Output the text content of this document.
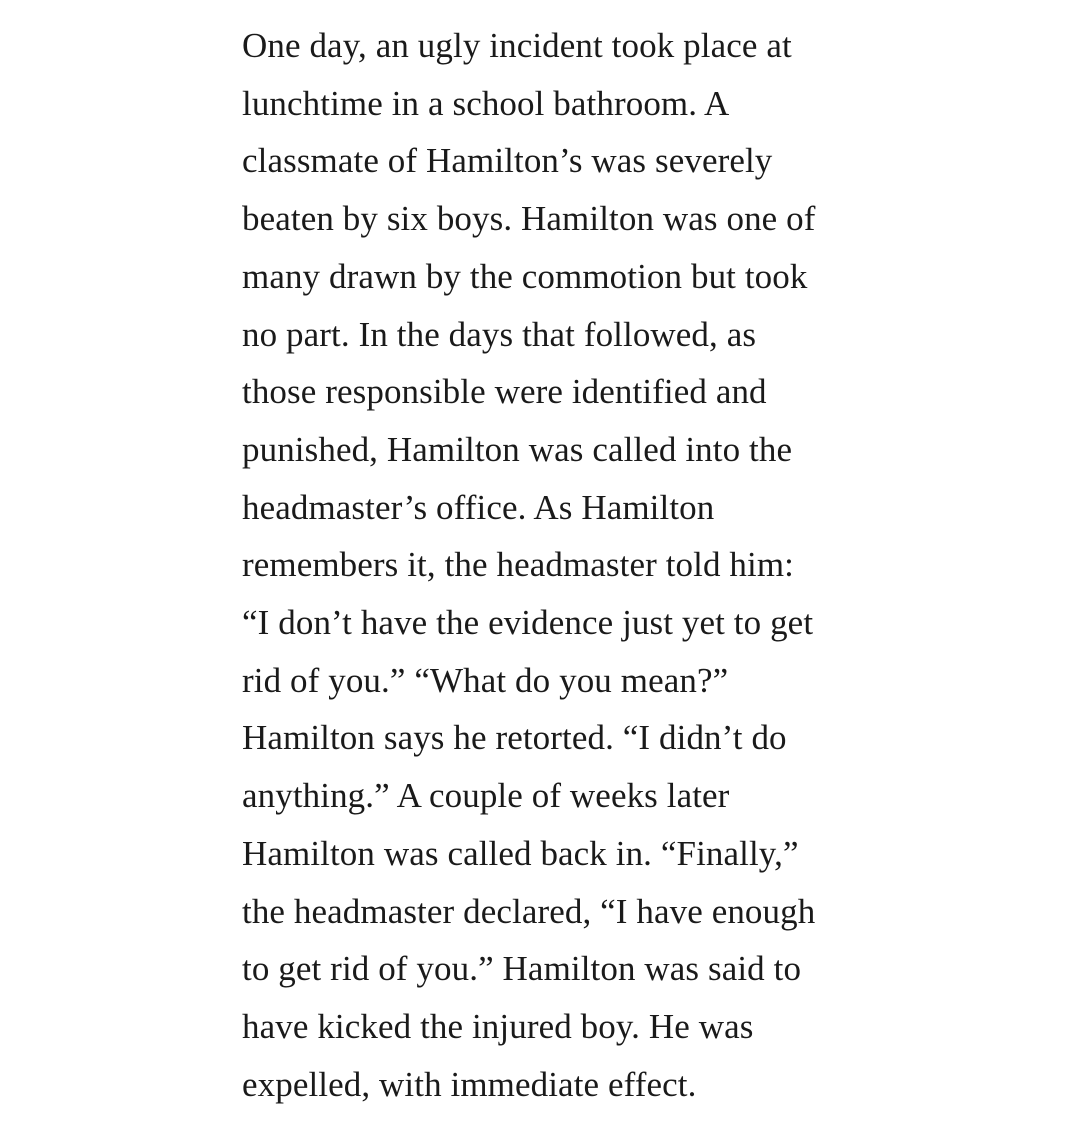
One day, an ugly incident took place at
lunchtime in a school bathroom. A
classmate of Hamilton’s was severely
beaten by six boys. Hamilton was one of
many drawn by the commotion but took
no part. In the days that followed, as
those responsible were identified and
punished, Hamilton was called into the
headmaster’s office. As Hamilton
remembers it, the headmaster told him:
“I don’t have the evidence just yet to get
rid of you.” “What do you mean?”
Hamilton says he retorted. “I didn’t do
anything.” A couple of weeks later
Hamilton was called back in. “Finally,”
the headmaster declared, “I have enough
to get rid of you.” Hamilton was said to
have kicked the injured boy. He was
expelled, with immediate effect.
